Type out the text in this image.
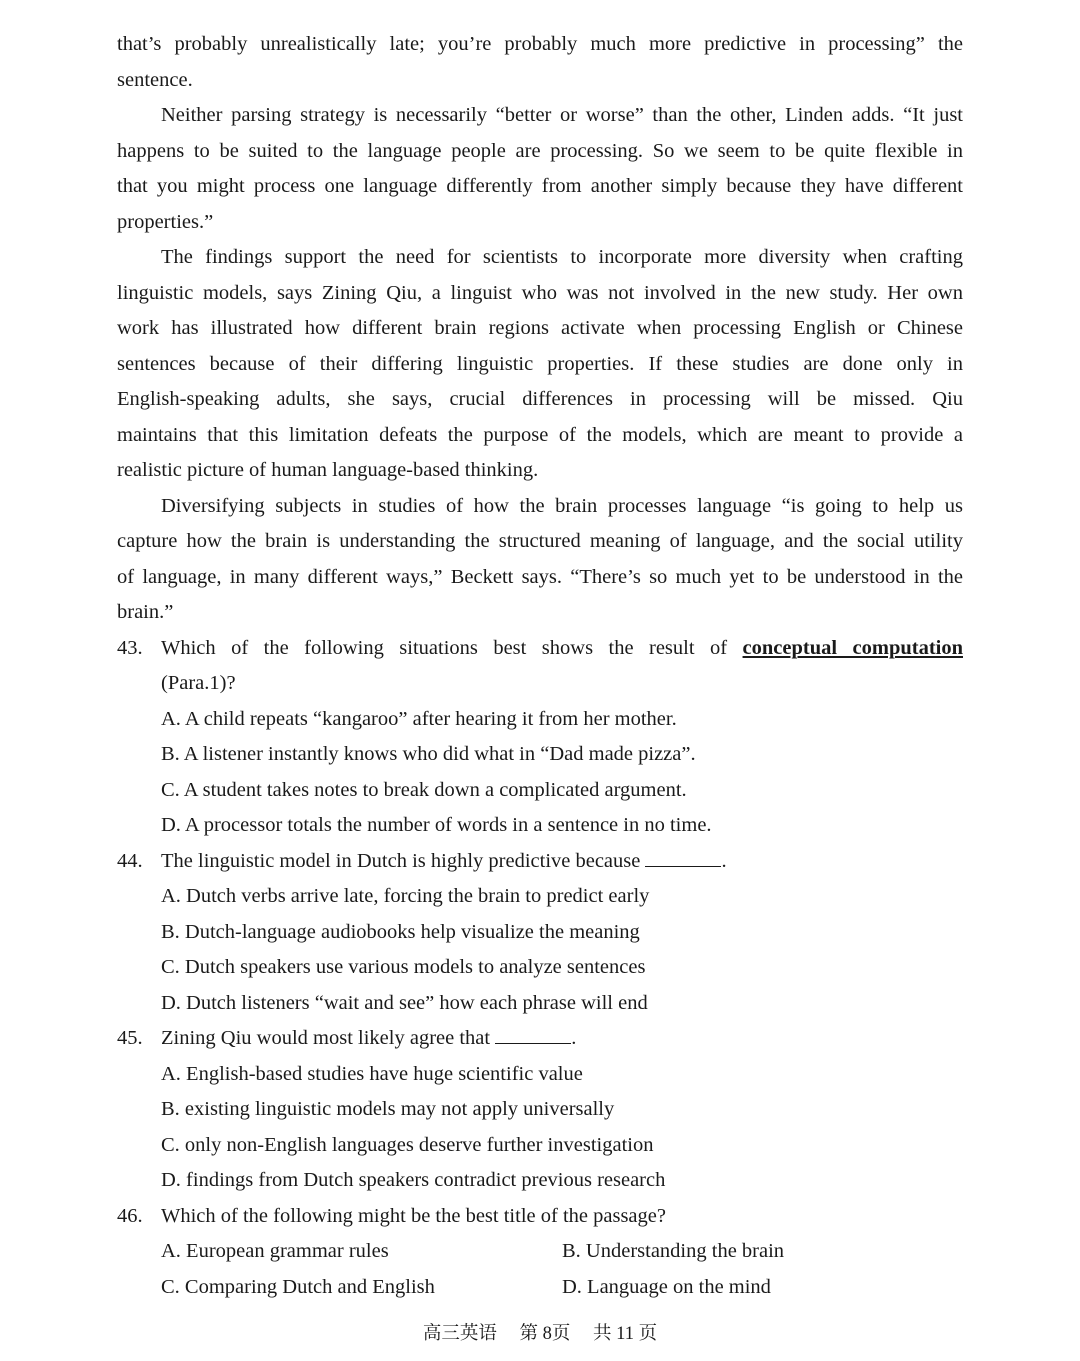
that’s probably unrealistically late; you’re probably much more predictive in processing” the
sentence.
Neither parsing strategy is necessarily “better or worse” than the other, Linden adds. “It just
happens to be suited to the language people are processing. So we seem to be quite flexible in
that you might process one language differently from another simply because they have different
properties.”
The findings support the need for scientists to incorporate more diversity when crafting
linguistic models, says Zining Qiu, a linguist who was not involved in the new study. Her own
work has illustrated how different brain regions activate when processing English or Chinese
sentences because of their differing linguistic properties. If these studies are done only in
English-speaking adults, she says, crucial differences in processing will be missed. Qiu
maintains that this limitation defeats the purpose of the models, which are meant to provide a
realistic picture of human language-based thinking.
Diversifying subjects in studies of how the brain processes language “is going to help us
capture how the brain is understanding the structured meaning of language, and the social utility
of language, in many different ways,” Beckett says. “There’s so much yet to be understood in the
brain.”
43. Which of the following situations best shows the result of conceptual computation
(Para.1)?
A. A child repeats “kangaroo” after hearing it from her mother.
B. A listener instantly knows who did what in “Dad made pizza”.
C. A student takes notes to break down a complicated argument.
D. A processor totals the number of words in a sentence in no time.
44. The linguistic model in Dutch is highly predictive because	.
A. Dutch verbs arrive late, forcing the brain to predict early
B. Dutch-language audiobooks help visualize the meaning
C. Dutch speakers use various models to analyze sentences
D. Dutch listeners “wait and see” how each phrase will end
45. Zining Qiu would most likely agree that	.
A. English-based studies have huge scientific value
B. existing linguistic models may not apply universally
C. only non-English languages deserve further investigation
D. findings from Dutch speakers contradict previous research
46. Which of the following might be the best title of the passage?
A. European grammar rules	B. Understanding the brain
C. Comparing Dutch and English	D. Language on the mind
高三英语 第 8页 共 11 页
